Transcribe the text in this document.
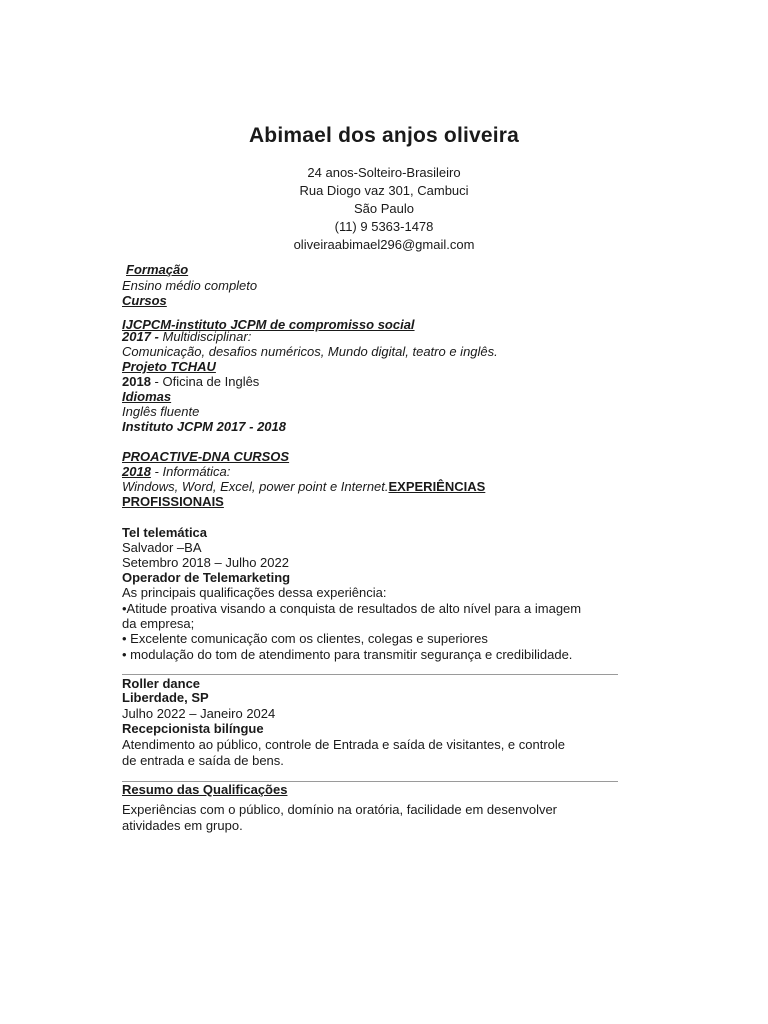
Abimael dos anjos oliveira
24 anos-Solteiro-Brasileiro
Rua Diogo vaz 301, Cambuci
São Paulo
(11) 9 5363-1478
oliveiraabimael296@gmail.com
Formação
Ensino médio completo
Cursos
IJCPCM-instituto JCPM de compromisso social
2017 - Multidisciplinar:
Comunicação, desafios numéricos, Mundo digital, teatro e inglês.
Projeto TCHAU
2018 - Oficina de Inglês
Idiomas
Inglês fluente
Instituto JCPM 2017 - 2018
PROACTIVE-DNA CURSOS
2018 - Informática:
Windows, Word, Excel, power point e Internet.EXPERIÊNCIAS
PROFISSIONAIS
Tel telemática
Salvador –BA
Setembro 2018 – Julho 2022
Operador de Telemarketing
As principais qualificações dessa experiência:
•Atitude proativa visando a conquista de resultados de alto nível para a imagem
da empresa;
• Excelente comunicação com os clientes, colegas e superiores
• modulação do tom de atendimento para transmitir segurança e credibilidade.
Roller dance
Liberdade, SP
Julho 2022 – Janeiro 2024
Recepcionista bilíngue
Atendimento ao público, controle de Entrada e saída de visitantes, e controle
de entrada e saída de bens.
Resumo das Qualificações
Experiências com o público, domínio na oratória, facilidade em desenvolver
atividades em grupo.
